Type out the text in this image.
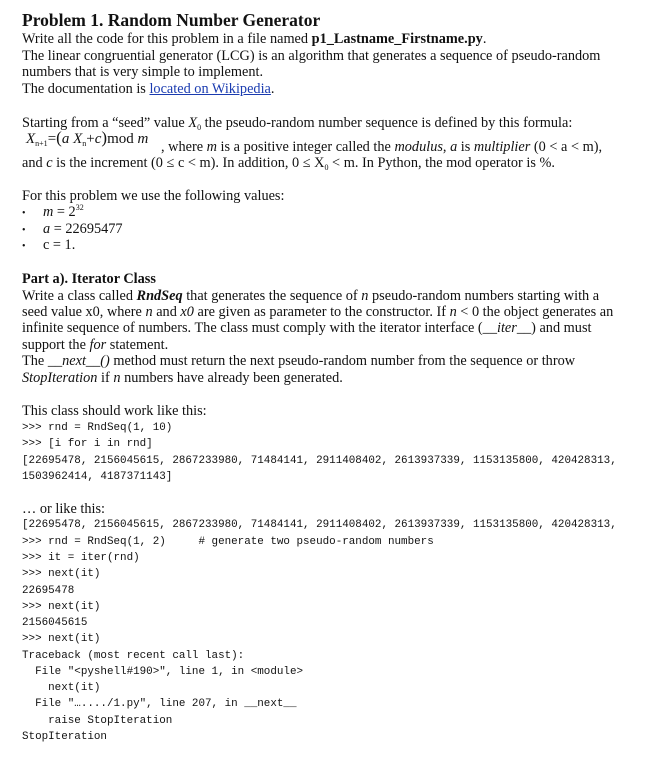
Problem 1. Random Number Generator
Write all the code for this problem in a file named p1_Lastname_Firstname.py.
The linear congruential generator (LCG) is an algorithm that generates a sequence of pseudo-random
numbers that is very simple to implement.
The documentation is located on Wikipedia.
Starting from a “seed” value $X_0$ the pseudo-random number sequence is defined by this formula:
$X_{n+1}=(a$ $X_n+c)mod$ m , where m is a positive integer called the modulus, a is multiplier (0 < a < m),
and c is the increment (0 ≤ c < m). In addition, $0 \le X_0 < m$. In Python, the mod operator is %.
For this problem we use the following values:
• $m = 2^{32}$
• a = 22695477
• c = 1.
Part a). Iterator Class
Write a class called RndSeq that generates the sequence of n pseudo-random numbers starting with a
seed value x0, where n and x0 are given as parameter to the constructor. If n < 0 the object generates an
infinite sequence of numbers. The class must comply with the iterator interface (__iter__) and must
support the for statement.
The __next__() method must return the next pseudo-random number from the sequence or throw
StopIteration if n numbers have already been generated.
This class should work like this:
>>> rnd = RndSeq(1, 10)
>>> [i for i in rnd]
[22695478, 2156045615, 2867233980, 71484141, 2911408402, 2613937339, 1153135800, 420428313,
1503962414, 4187371143]
… or like this:
[22695478, 2156045615, 2867233980, 71484141, 2911408402, 2613937339, 1153135800, 420428313,
>>> rnd = RndSeq(1, 2)     # generate two pseudo-random numbers
>>> it = iter(rnd)
>>> next(it)
22695478
>>> next(it)
2156045615
>>> next(it)
Traceback (most recent call last):
File "<pyshell#190>", line 1, in <module>
next(it)
File "…..../1.py", line 207, in __next__
raise StopIteration
StopIteration
